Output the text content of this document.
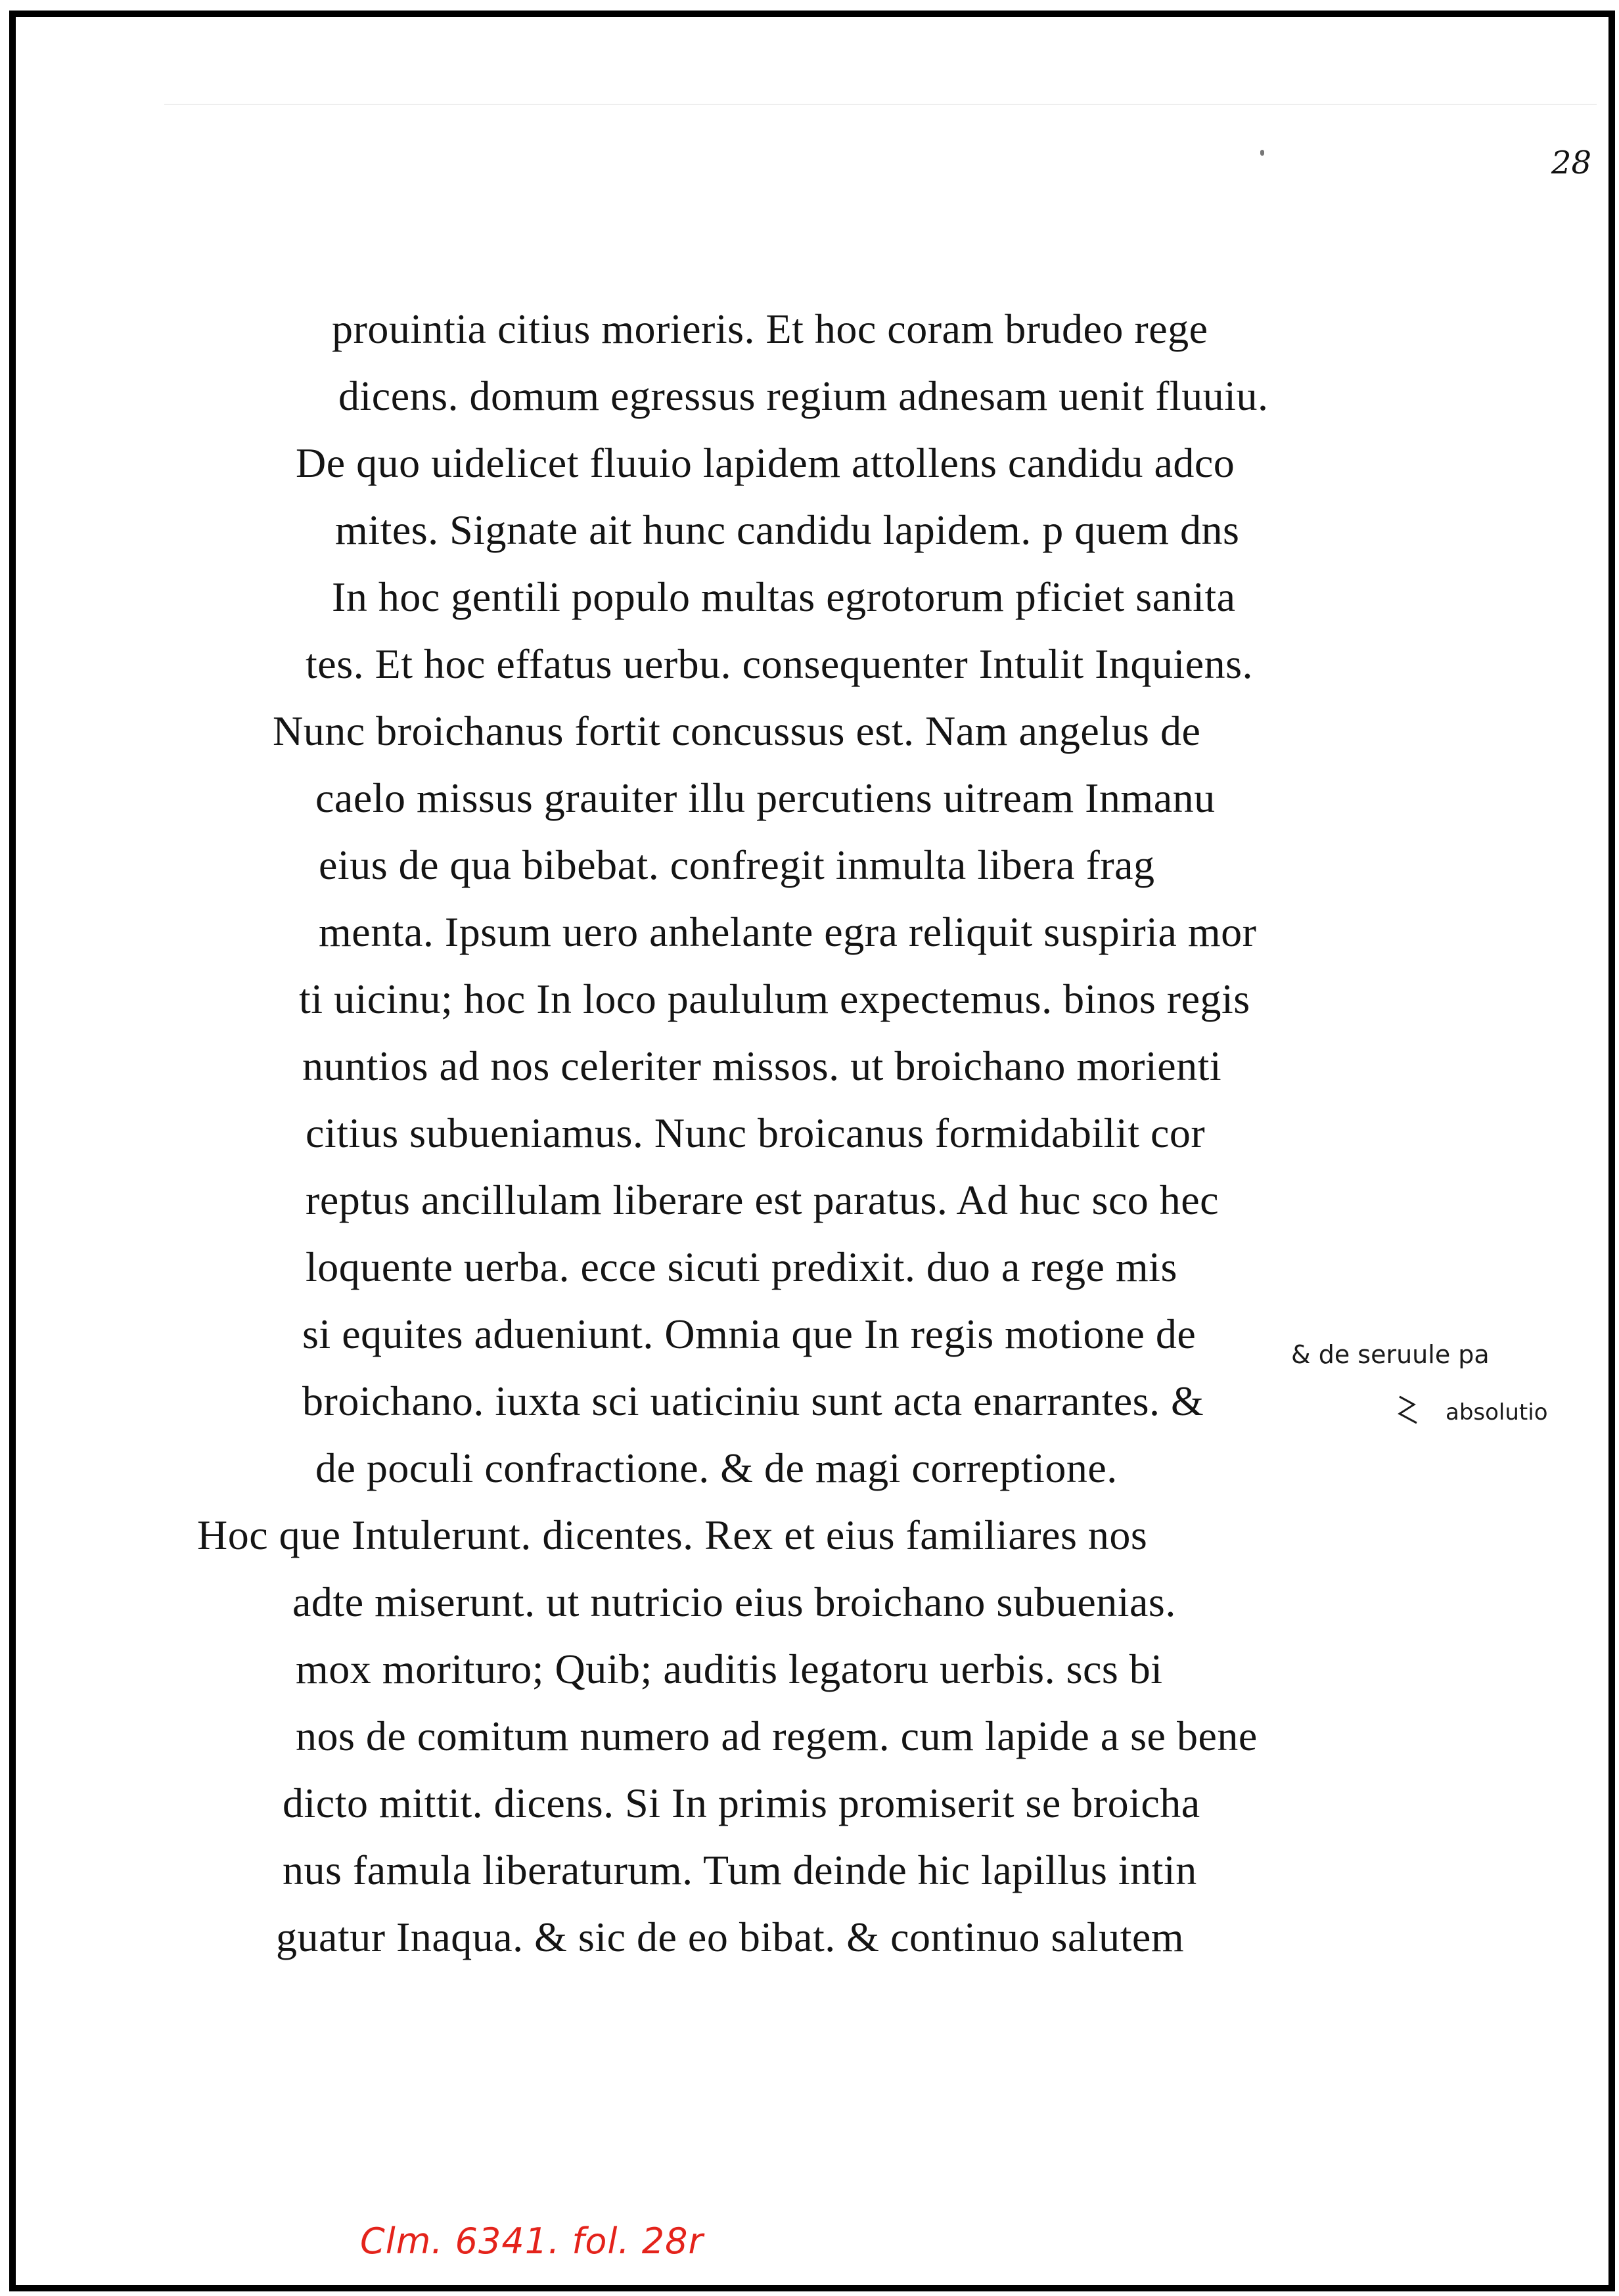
28
prouintia citius morieris. Et hoc coram brudeo rege
dicens. domum egressus regium adnesam uenit fluuiu.
De quo uidelicet fluuio lapidem attollens candidu adco
mites. Signate ait hunc candidu lapidem. p quem dns
In hoc gentili populo multas egrotorum pficiet sanita
tes. Et hoc effatus uerbu. consequenter Intulit Inquiens.
Nunc broichanus fortit concussus est. Nam angelus de
caelo missus grauiter illu percutiens uitream Inmanu
eius de qua bibebat. confregit inmulta libera frag
menta. Ipsum uero anhelante egra reliquit suspiria mor
ti uicinu; hoc In loco paululum expectemus. binos regis
nuntios ad nos celeriter missos. ut broichano morienti
citius subueniamus. Nunc broicanus formidabilit cor
reptus ancillulam liberare est paratus. Ad huc sco hec
loquente uerba. ecce sicuti predixit. duo a rege mis
si equites adueniunt. Omnia que In regis motione de
broichano. iuxta sci uaticiniu sunt acta enarrantes. &
de poculi confractione. & de magi correptione.
Hoc que Intulerunt. dicentes. Rex et eius familiares nos
adte miserunt. ut nutricio eius broichano subuenias.
mox morituro; Quib; auditis legatoru uerbis. scs bi
nos de comitum numero ad regem. cum lapide a se bene
dicto mittit. dicens. Si In primis promiserit se broicha
nus famula liberaturum. Tum deinde hic lapillus intin
guatur Inaqua. & sic de eo bibat. & continuo salutem
& de seruule pa
absolutio
Clm. 6341. fol. 28r
